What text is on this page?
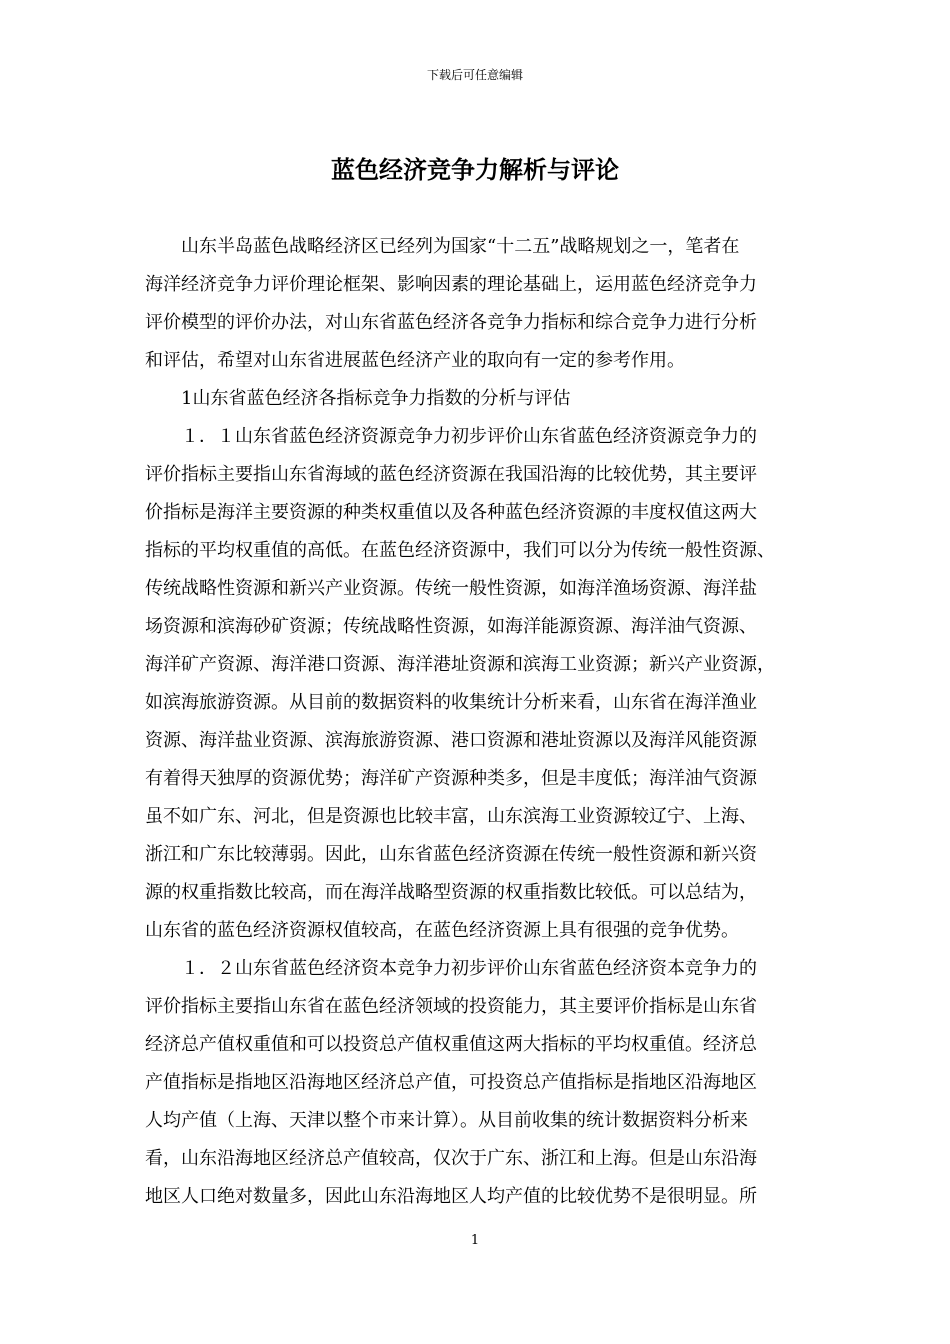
下载后可任意编辑
蓝色经济竞争力解析与评论
　　山东半岛蓝色战略经济区已经列为国家“十二五”战略规划之一，笔者在
海洋经济竞争力评价理论框架、影响因素的理论基础上，运用蓝色经济竞争力
评价模型的评价办法，对山东省蓝色经济各竞争力指标和综合竞争力进行分析
和评估，希望对山东省进展蓝色经济产业的取向有一定的参考作用。
　　1山东省蓝色经济各指标竞争力指数的分析与评估
　　１．１山东省蓝色经济资源竞争力初步评价山东省蓝色经济资源竞争力的
评价指标主要指山东省海域的蓝色经济资源在我国沿海的比较优势，其主要评
价指标是海洋主要资源的种类权重值以及各种蓝色经济资源的丰度权值这两大
指标的平均权重值的高低。在蓝色经济资源中，我们可以分为传统一般性资源、
传统战略性资源和新兴产业资源。传统一般性资源，如海洋渔场资源、海洋盐
场资源和滨海砂矿资源；传统战略性资源，如海洋能源资源、海洋油气资源、
海洋矿产资源、海洋港口资源、海洋港址资源和滨海工业资源；新兴产业资源，
如滨海旅游资源。从目前的数据资料的收集统计分析来看，山东省在海洋渔业
资源、海洋盐业资源、滨海旅游资源、港口资源和港址资源以及海洋风能资源
有着得天独厚的资源优势；海洋矿产资源种类多，但是丰度低；海洋油气资源
虽不如广东、河北，但是资源也比较丰富，山东滨海工业资源较辽宁、上海、
浙江和广东比较薄弱。因此，山东省蓝色经济资源在传统一般性资源和新兴资
源的权重指数比较高，而在海洋战略型资源的权重指数比较低。可以总结为，
山东省的蓝色经济资源权值较高，在蓝色经济资源上具有很强的竞争优势。
　　１．２山东省蓝色经济资本竞争力初步评价山东省蓝色经济资本竞争力的
评价指标主要指山东省在蓝色经济领域的投资能力，其主要评价指标是山东省
经济总产值权重值和可以投资总产值权重值这两大指标的平均权重值。经济总
产值指标是指地区沿海地区经济总产值，可投资总产值指标是指地区沿海地区
人均产值（上海、天津以整个市来计算）。从目前收集的统计数据资料分析来
看，山东沿海地区经济总产值较高，仅次于广东、浙江和上海。但是山东沿海
地区人口绝对数量多，因此山东沿海地区人均产值的比较优势不是很明显。所
1
